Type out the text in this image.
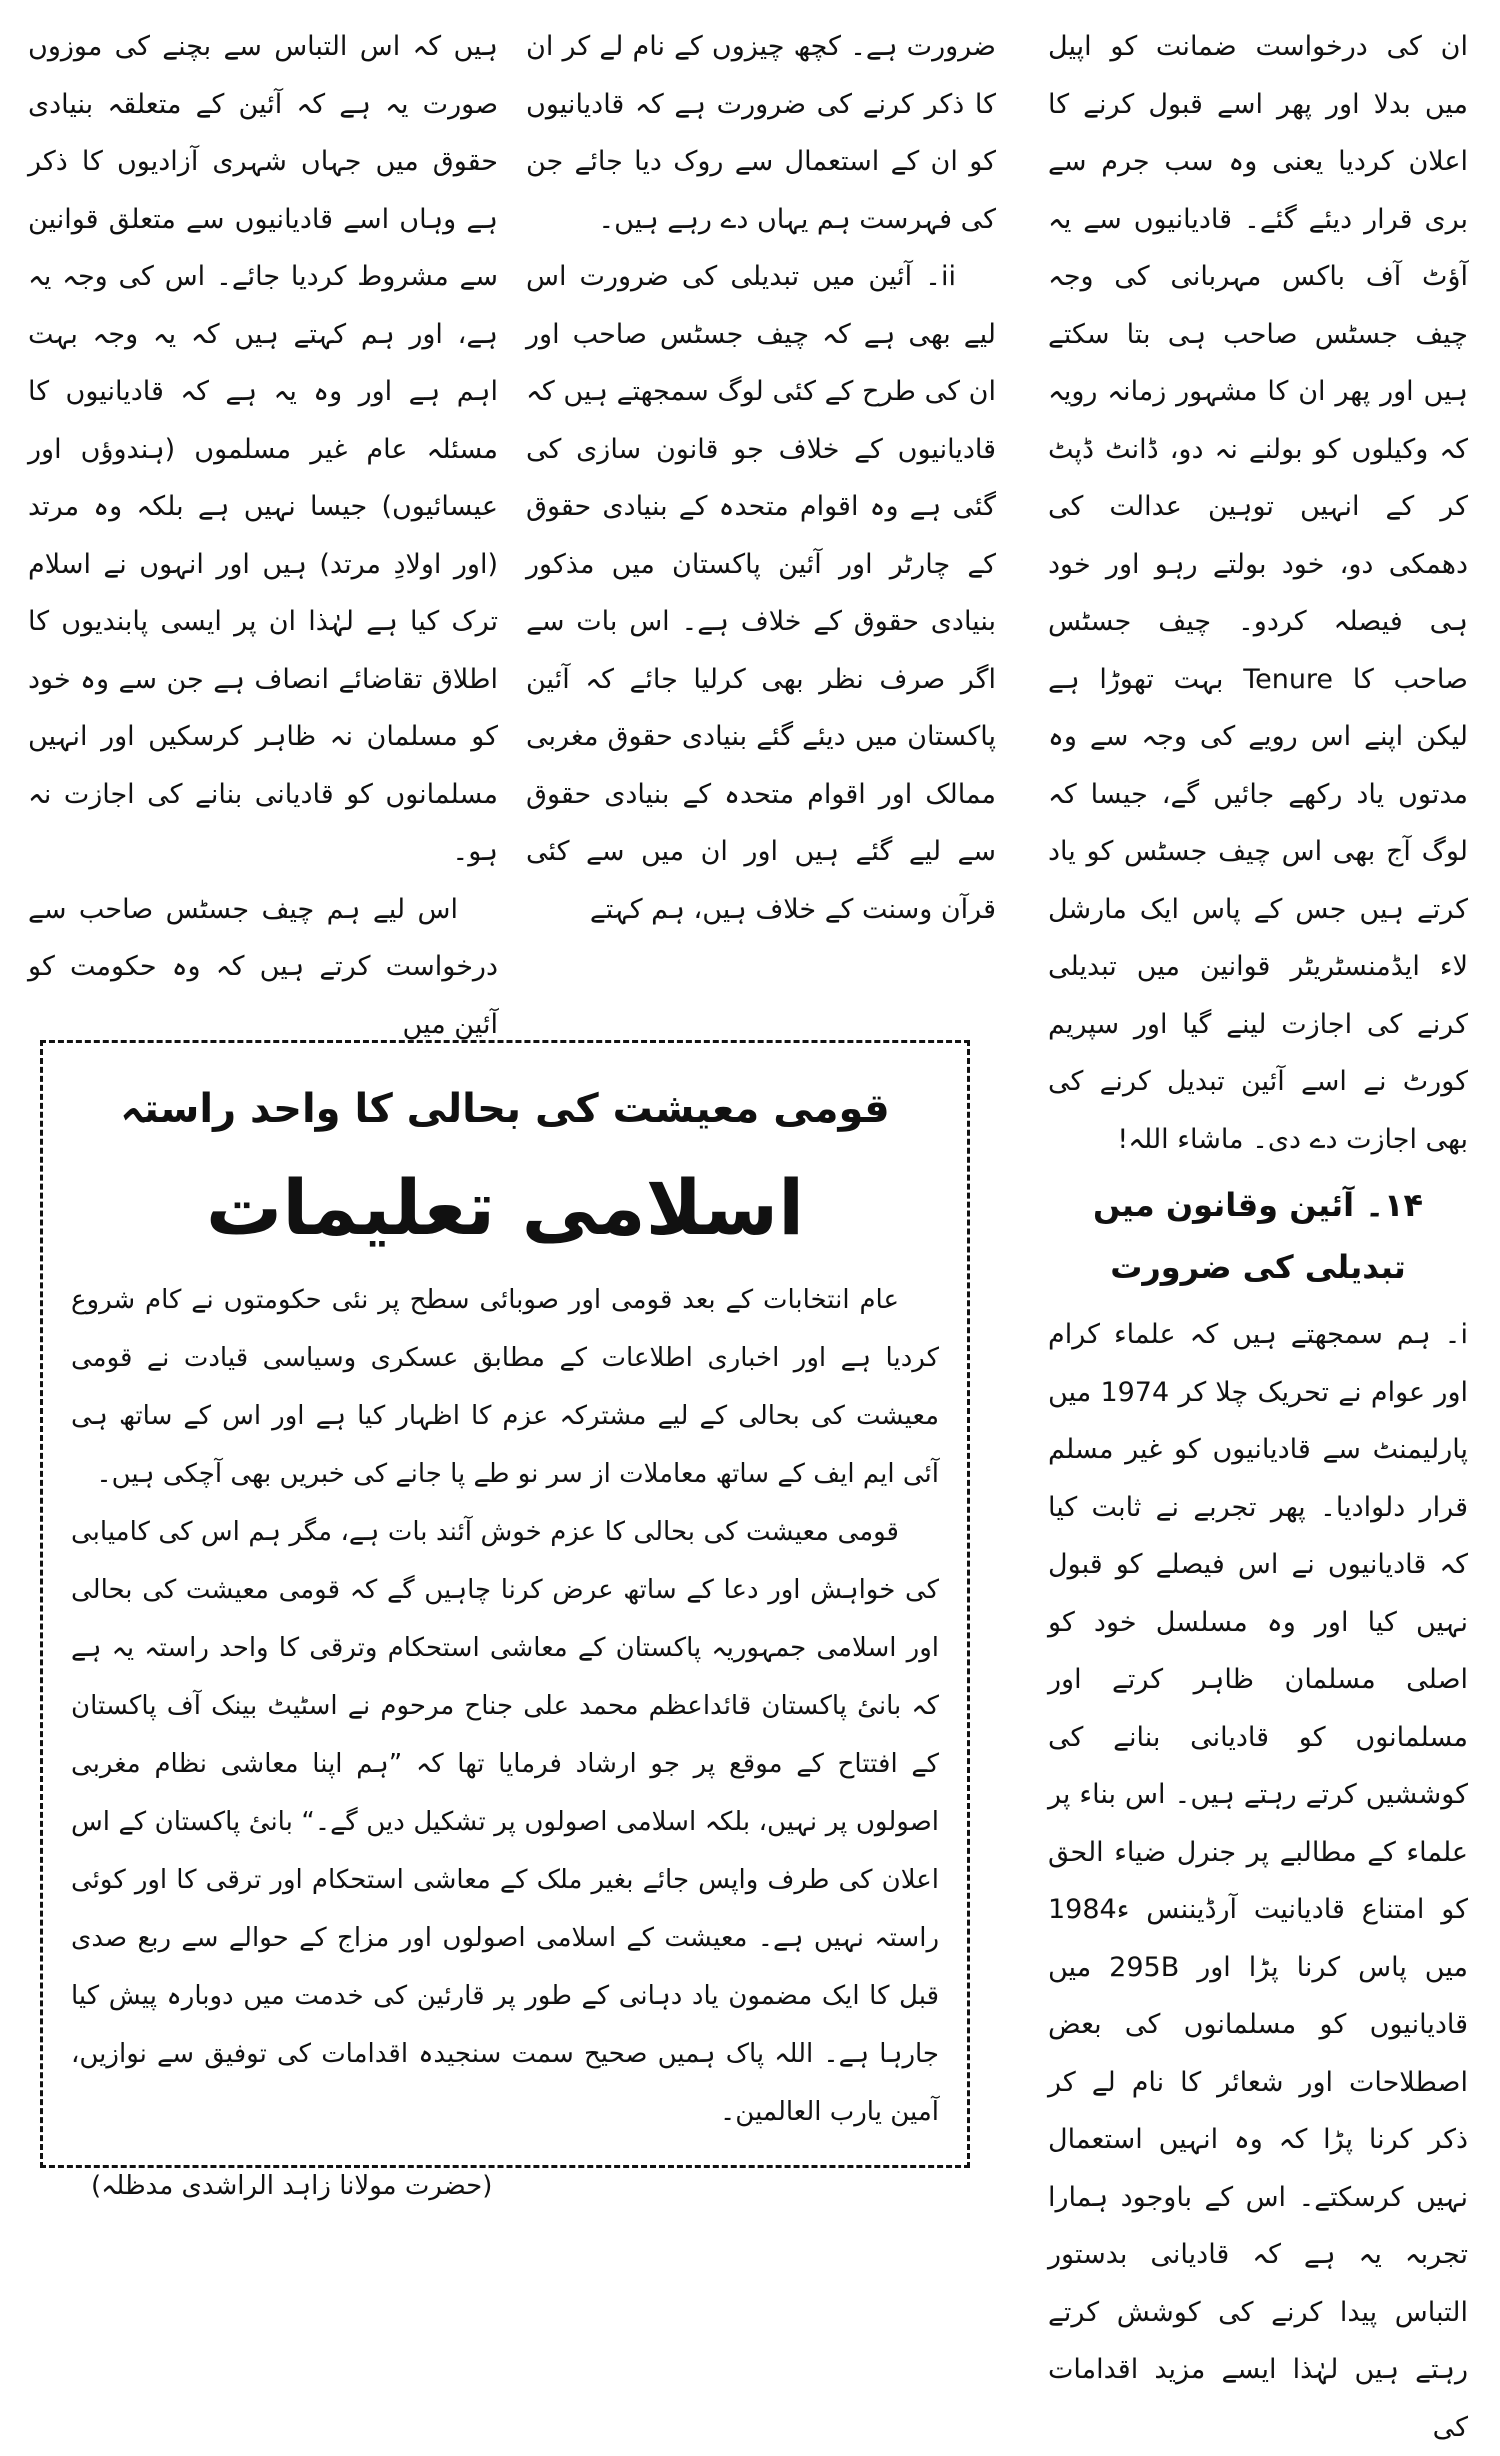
ان کی درخواست ضمانت کو اپیل میں بدلا اور پھر اسے قبول کرنے کا اعلان کردیا یعنی وہ سب جرم سے بری قرار دیئے گئے۔ قادیانیوں سے یہ آؤٹ آف باکس مہربانی کی وجہ چیف جسٹس صاحب ہی بتا سکتے ہیں اور پھر ان کا مشہور زمانہ رویہ کہ وکیلوں کو بولنے نہ دو، ڈانٹ ڈپٹ کر کے انہیں توہین عدالت کی دھمکی دو، خود بولتے رہو اور خود ہی فیصلہ کردو۔ چیف جسٹس صاحب کا Tenure بہت تھوڑا ہے لیکن اپنے اس رویے کی وجہ سے وہ مدتوں یاد رکھے جائیں گے، جیسا کہ لوگ آج بھی اس چیف جسٹس کو یاد کرتے ہیں جس کے پاس ایک مارشل لاء ایڈمنسٹریٹر قوانین میں تبدیلی کرنے کی اجازت لینے گیا اور سپریم کورٹ نے اسے آئین تبدیل کرنے کی بھی اجازت دے دی۔ ماشاء اللہ!

۱۴۔ آئین وقانون میں تبدیلی کی ضرورت

i۔ ہم سمجھتے ہیں کہ علماء کرام اور عوام نے تحریک چلا کر 1974 میں پارلیمنٹ سے قادیانیوں کو غیر مسلم قرار دلوادیا۔ پھر تجربے نے ثابت کیا کہ قادیانیوں نے اس فیصلے کو قبول نہیں کیا اور وہ مسلسل خود کو اصلی مسلمان ظاہر کرتے اور مسلمانوں کو قادیانی بنانے کی کوششیں کرتے رہتے ہیں۔ اس بناء پر علماء کے مطالبے پر جنرل ضیاء الحق کو امتناع قادیانیت آرڈیننس 1984ء میں پاس کرنا پڑا اور 295B میں قادیانیوں کو مسلمانوں کی بعض اصطلاحات اور شعائر کا نام لے کر ذکر کرنا پڑا کہ وہ انہیں استعمال نہیں کرسکتے۔ اس کے باوجود ہمارا تجربہ یہ ہے کہ قادیانی بدستور التباس پیدا کرنے کی کوشش کرتے رہتے ہیں لہٰذا ایسے مزید اقدامات کی

ضرورت ہے۔ کچھ چیزوں کے نام لے کر ان کا ذکر کرنے کی ضرورت ہے کہ قادیانیوں کو ان کے استعمال سے روک دیا جائے جن کی فہرست ہم یہاں دے رہے ہیں۔

ii۔ آئین میں تبدیلی کی ضرورت اس لیے بھی ہے کہ چیف جسٹس صاحب اور ان کی طرح کے کئی لوگ سمجھتے ہیں کہ قادیانیوں کے خلاف جو قانون سازی کی گئی ہے وہ اقوام متحدہ کے بنیادی حقوق کے چارٹر اور آئین پاکستان میں مذکور بنیادی حقوق کے خلاف ہے۔ اس بات سے اگر صرف نظر بھی کرلیا جائے کہ آئین پاکستان میں دیئے گئے بنیادی حقوق مغربی ممالک اور اقوام متحدہ کے بنیادی حقوق سے لیے گئے ہیں اور ان میں سے کئی قرآن وسنت کے خلاف ہیں، ہم کہتے

ہیں کہ اس التباس سے بچنے کی موزوں صورت یہ ہے کہ آئین کے متعلقہ بنیادی حقوق میں جہاں شہری آزادیوں کا ذکر ہے وہاں اسے قادیانیوں سے متعلق قوانین سے مشروط کردیا جائے۔ اس کی وجہ یہ ہے، اور ہم کہتے ہیں کہ یہ وجہ بہت اہم ہے اور وہ یہ ہے کہ قادیانیوں کا مسئلہ عام غیر مسلموں (ہندوؤں اور عیسائیوں) جیسا نہیں ہے بلکہ وہ مرتد (اور اولادِ مرتد) ہیں اور انہوں نے اسلام ترک کیا ہے لہٰذا ان پر ایسی پابندیوں کا اطلاق تقاضائے انصاف ہے جن سے وہ خود کو مسلمان نہ ظاہر کرسکیں اور انہیں مسلمانوں کو قادیانی بنانے کی اجازت نہ ہو۔

اس لیے ہم چیف جسٹس صاحب سے درخواست کرتے ہیں کہ وہ حکومت کو آئین میں

قومی معیشت کی بحالی کا واحد راستہ
اسلامی تعلیمات

عام انتخابات کے بعد قومی اور صوبائی سطح پر نئی حکومتوں نے کام شروع کردیا ہے اور اخباری اطلاعات کے مطابق عسکری وسیاسی قیادت نے قومی معیشت کی بحالی کے لیے مشترکہ عزم کا اظہار کیا ہے اور اس کے ساتھ ہی آئی ایم ایف کے ساتھ معاملات از سر نو طے پا جانے کی خبریں بھی آچکی ہیں۔

قومی معیشت کی بحالی کا عزم خوش آئند بات ہے، مگر ہم اس کی کامیابی کی خواہش اور دعا کے ساتھ عرض کرنا چاہیں گے کہ قومی معیشت کی بحالی اور اسلامی جمہوریہ پاکستان کے معاشی استحکام وترقی کا واحد راستہ یہ ہے کہ بانیٔ پاکستان قائداعظم محمد علی جناح مرحوم نے اسٹیٹ بینک آف پاکستان کے افتتاح کے موقع پر جو ارشاد فرمایا تھا کہ ”ہم اپنا معاشی نظام مغربی اصولوں پر نہیں، بلکہ اسلامی اصولوں پر تشکیل دیں گے۔“ بانیٔ پاکستان کے اس اعلان کی طرف واپس جائے بغیر ملک کے معاشی استحکام اور ترقی کا اور کوئی راستہ نہیں ہے۔ معیشت کے اسلامی اصولوں اور مزاج کے حوالے سے ربع صدی قبل کا ایک مضمون یاد دہانی کے طور پر قارئین کی خدمت میں دوبارہ پیش کیا جارہا ہے۔ اللہ پاک ہمیں صحیح سمت سنجیدہ اقدامات کی توفیق سے نوازیں، آمین یارب العالمین۔

(حضرت مولانا زاہد الراشدی مدظلہ)
